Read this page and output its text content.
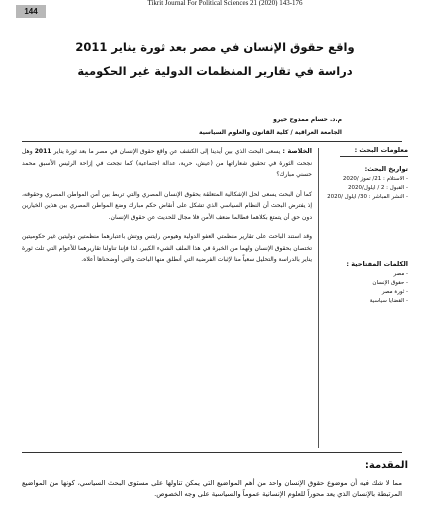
Tikrit Journal For Political Sciences 21 (2020) 143-176
144
واقع حقوق الإنسان في مصر بعد ثورة يناير 2011
دراسة في تقارير المنظمات الدولية غير الحكومية
م.د. حسام ممدوح خيرو
الجامعة العراقية / كلية القانون والعلوم السياسية
معلومات البحث :
تواريخ البحث:
- الاستلام : 21/ تموز /2020
- القبول : 2 / ايلول/2020
- النشر المباشر : 30/ ايلول /2020
الكلمات المفتاحية :
- مصر
- حقوق الإنسان
- ثورة مصر
- القضايا سياسية

الخلاصة : يسعى البحث الذي بين أيدينا إلى الكشف عن واقع حقوق الإنسان في مصر ما بعد ثورة يناير 2011 وهل نجحت الثورة في تحقيق شعاراتها من (عيش، حرية، عدالة اجتماعية) كما نجحت في إزاحة الرئيس الأسبق محمد حسني مبارك؟

كما أن البحث يسعى لحل الإشكالية المتعلقة بحقوق الإنسان المصري والتي تربط بين أمن المواطن المصري وحقوقه، إذ يفترض البحث أن النظام السياسي الذي تشكل على أنقاض حكم مبارك وضع المواطن المصري بين هذين الخيارين دون حق أن يتمتع بكلاهما فطالما ضعف الأمن فلا مجال للحديث عن حقوق الإنسان.

وقد استند الباحث على تقارير منظمتي العفو الدولية وهيومن رايتس ووتش باعتبارهما منظمتين دوليتين غير حكوميتين تختصان بحقوق الإنسان ولهما من الخبرة في هذا الملف الشيء الكبير، لذا فإننا تناولنا تقاريرهما للأعوام التي تلت ثورة يناير بالدراسة والتحليل سعياً منا لإثبات الفرضية التي أنطلق منها الباحث والتي أوضحناها أعلاه.

المقدمة:
مما لا شك فيه أن موضوع حقوق الإنسان واحد من أهم المواضيع التي يمكن تناولها على مستوى البحث السياسي، كونها من المواضيع المرتبطة بالإنسان الذي يعد محوراً للعلوم الإنسانية عموماً والسياسية على وجه الخصوص.
